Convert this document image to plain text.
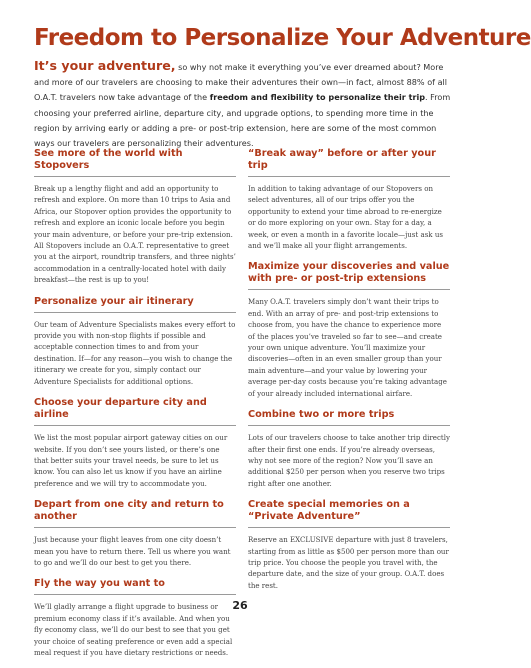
Freedom to Personalize Your Adventure

It’s your adventure, so why not make it everything you’ve ever dreamed about? More and more of our travelers are choosing to make their adventures their own—in fact, almost 88% of all O.A.T. travelers now take advantage of the freedom and flexibility to personalize their trip. From choosing your preferred airline, departure city, and upgrade options, to spending more time in the region by arriving early or adding a pre- or post-trip extension, here are some of the most common ways our travelers are personalizing their adventures.

See more of the world with Stopovers

Break up a lengthy flight and add an opportunity to refresh and explore. On more than 10 trips to Asia and Africa, our Stopover option provides the opportunity to refresh and explore an iconic locale before you begin your main adventure, or before your pre-trip extension. All Stopovers include an O.A.T. representative to greet you at the airport, roundtrip transfers, and three nights’ accommodation in a centrally-located hotel with daily breakfast—the rest is up to you!

Personalize your air itinerary

Our team of Adventure Specialists makes every effort to provide you with non-stop flights if possible and acceptable connection times to and from your destination. If—for any reason—you wish to change the itinerary we create for you, simply contact our Adventure Specialists for additional options.

Choose your departure city and airline

We list the most popular airport gateway cities on our website. If you don’t see yours listed, or there’s one that better suits your travel needs, be sure to let us know. You can also let us know if you have an airline preference and we will try to accommodate you.

Depart from one city and return to another

Just because your flight leaves from one city doesn’t mean you have to return there. Tell us where you want to go and we’ll do our best to get you there.

Fly the way you want to

We’ll gladly arrange a flight upgrade to business or premium economy class if it’s available. And when you fly economy class, we’ll do our best to see that you get your choice of seating preference or even add a special meal request if you have dietary restrictions or needs.

“Break away” before or after your trip

In addition to taking advantage of our Stopovers on select adventures, all of our trips offer you the opportunity to extend your time abroad to re-energize or do more exploring on your own. Stay for a day, a week, or even a month in a favorite locale—just ask us and we’ll make all your flight arrangements.

Maximize your discoveries and value with pre- or post-trip extensions

Many O.A.T. travelers simply don’t want their trips to end. With an array of pre- and post-trip extensions to choose from, you have the chance to experience more of the places you’ve traveled so far to see—and create your own unique adventure. You’ll maximize your discoveries—often in an even smaller group than your main adventure—and your value by lowering your average per-day costs because you’re taking advantage of your already included international airfare.

Combine two or more trips

Lots of our travelers choose to take another trip directly after their first one ends. If you’re already overseas, why not see more of the region? Now you’ll save an additional $250 per person when you reserve two trips right after one another.

Create special memories on a “Private Adventure”

Reserve an EXCLUSIVE departure with just 8 travelers, starting from as little as $500 per person more than our trip price. You choose the people you travel with, the departure date, and the size of your group. O.A.T. does the rest.

26
